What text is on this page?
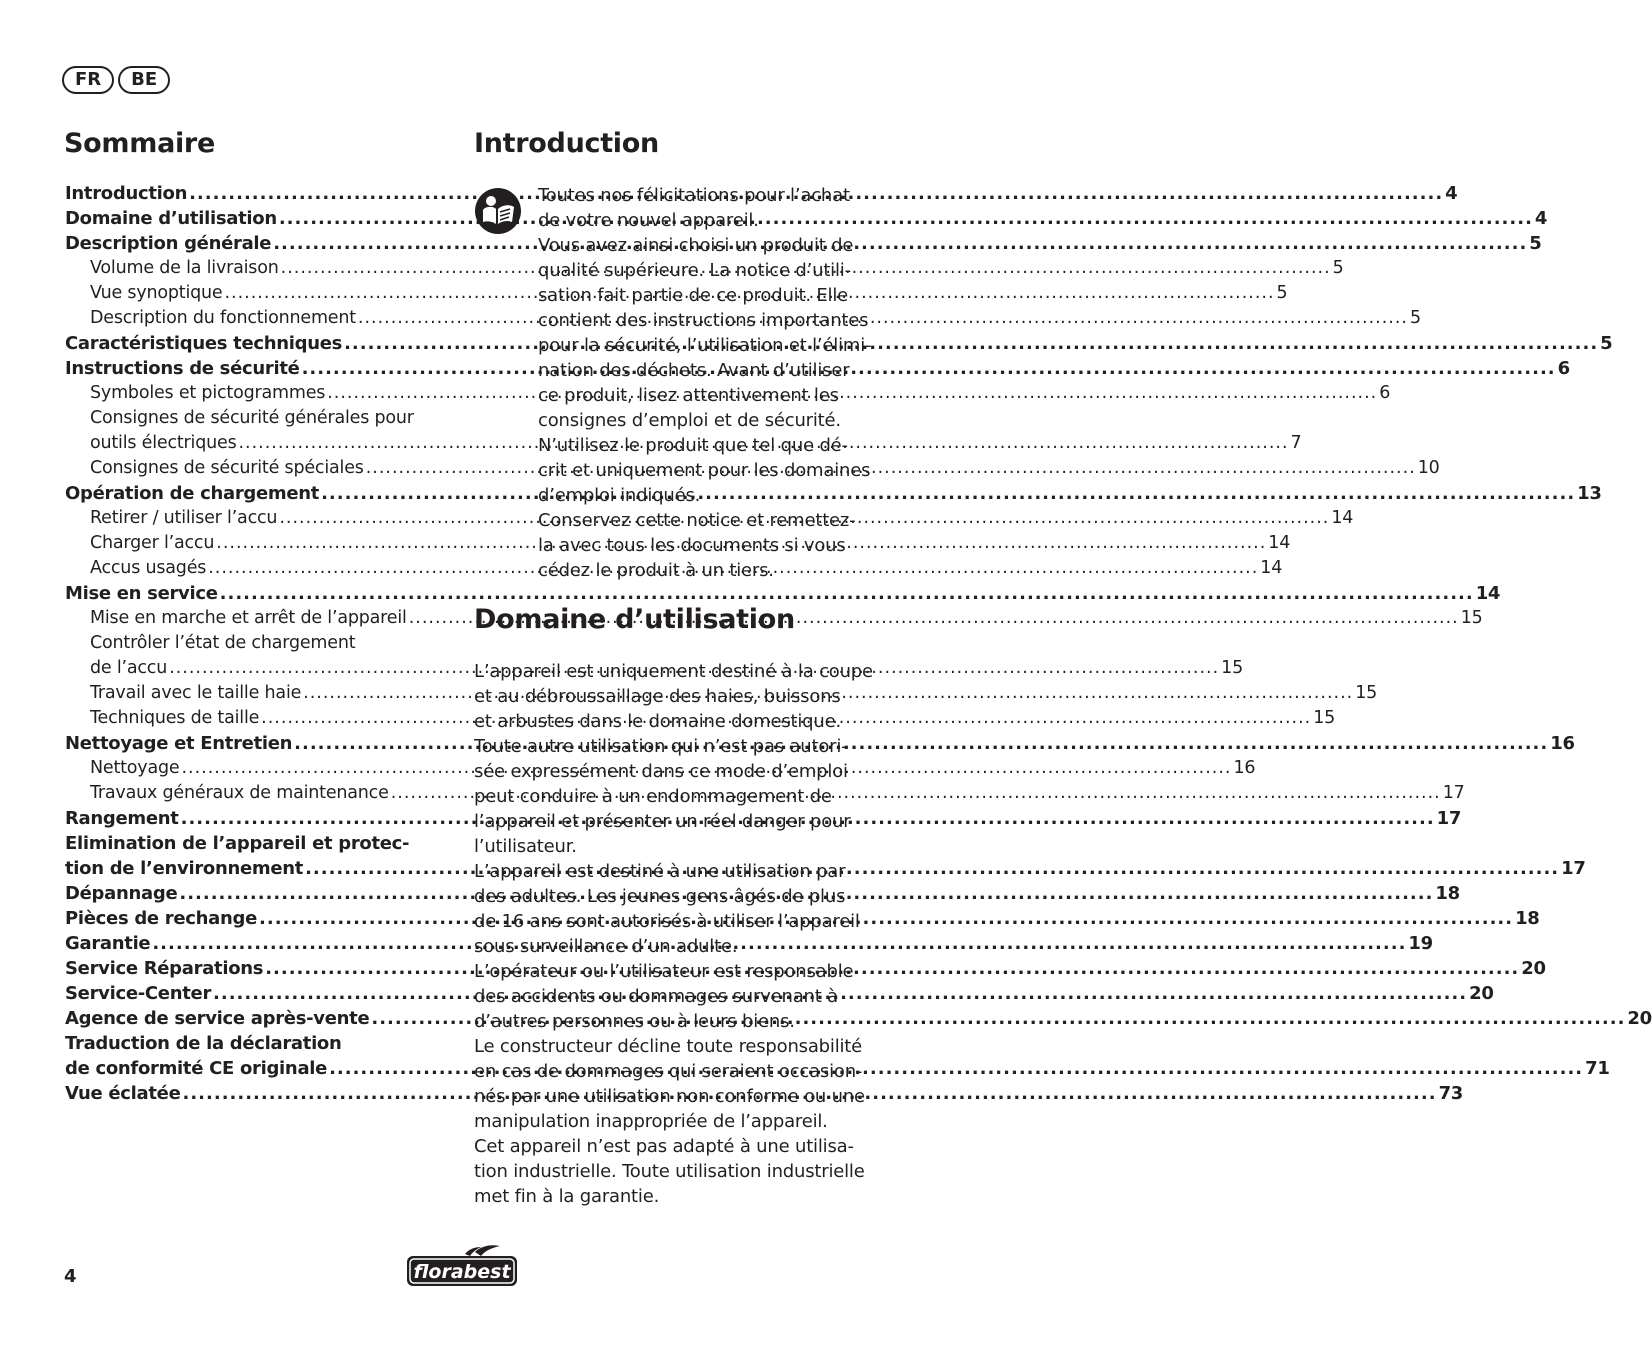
FR	BE
Sommaire
Introduction .....	4
Domaine d’utilisation .....	4
Description générale .....	5
Volume de la livraison .....	5
Vue synoptique .....	5
Description du fonctionnement .....	5
Caractéristiques techniques .....	5
Instructions de sécurité .....	6
Symboles et pictogrammes .....	6
Consignes de sécurité générales pour
outils électriques .....	7
Consignes de sécurité spéciales .....	10
Opération de chargement .....	13
Retirer / utiliser l’accu .....	14
Charger l’accu .....	14
Accus usagés .....	14
Mise en service .....	14
Mise en marche et arrêt de l’appareil .....	15
Contrôler l’état de chargement
de l’accu .....	15
Travail avec le taille haie .....	15
Techniques de taille .....	15
Nettoyage et Entretien .....	16
Nettoyage .....	16
Travaux généraux de maintenance .....	17
Rangement .....	17
Elimination de l’appareil et protec-
tion de l’environnement .....	17
Dépannage .....	18
Pièces de rechange .....	18
Garantie .....	19
Service Réparations .....	20
Service-Center .....	20
Agence de service après-vente .....	20
Traduction de la déclaration
de conformité CE originale .....	71
Vue éclatée .....	73
Introduction
Toutes nos félicitations pour l’achat
de votre nouvel appareil.
Vous avez ainsi choisi un produit de
qualité supérieure. La notice d’utili-
sation fait partie de ce produit. Elle
contient des instructions importantes
pour la sécurité, l’utilisation et l’élimi-
nation des déchets. Avant d’utiliser
ce produit, lisez attentivement les
consignes d’emploi et de sécurité.
N’utilisez le produit que tel que dé-
crit et uniquement pour les domaines
d’emploi indiqués.
Conservez cette notice et remettez-
la avec tous les documents si vous
cédez le produit à un tiers.
Domaine d’utilisation
L’appareil est uniquement destiné à la coupe
et au débroussaillage des haies, buissons
et arbustes dans le domaine domestique.
Toute autre utilisation qui n’est pas autori-
sée expressément dans ce mode d’emploi
peut conduire à un endommagement de
l’appareil et présenter un réel danger pour
l’utilisateur.
L’appareil est destiné à une utilisation par
des adultes. Les jeunes gens âgés de plus
de 16 ans sont autorisés à utiliser l’appareil
sous surveillance d’un adulte.
L’opérateur ou l’utilisateur est responsable
des accidents ou dommages survenant à
d’autres personnes ou à leurs biens.
Le constructeur décline toute responsabilité
en cas de dommages qui seraient occasion-
nés par une utilisation non conforme ou une
manipulation inappropriée de l’appareil.
Cet appareil n’est pas adapté à une utilisa-
tion industrielle. Toute utilisation industrielle
met fin à la garantie.
4	florabest
